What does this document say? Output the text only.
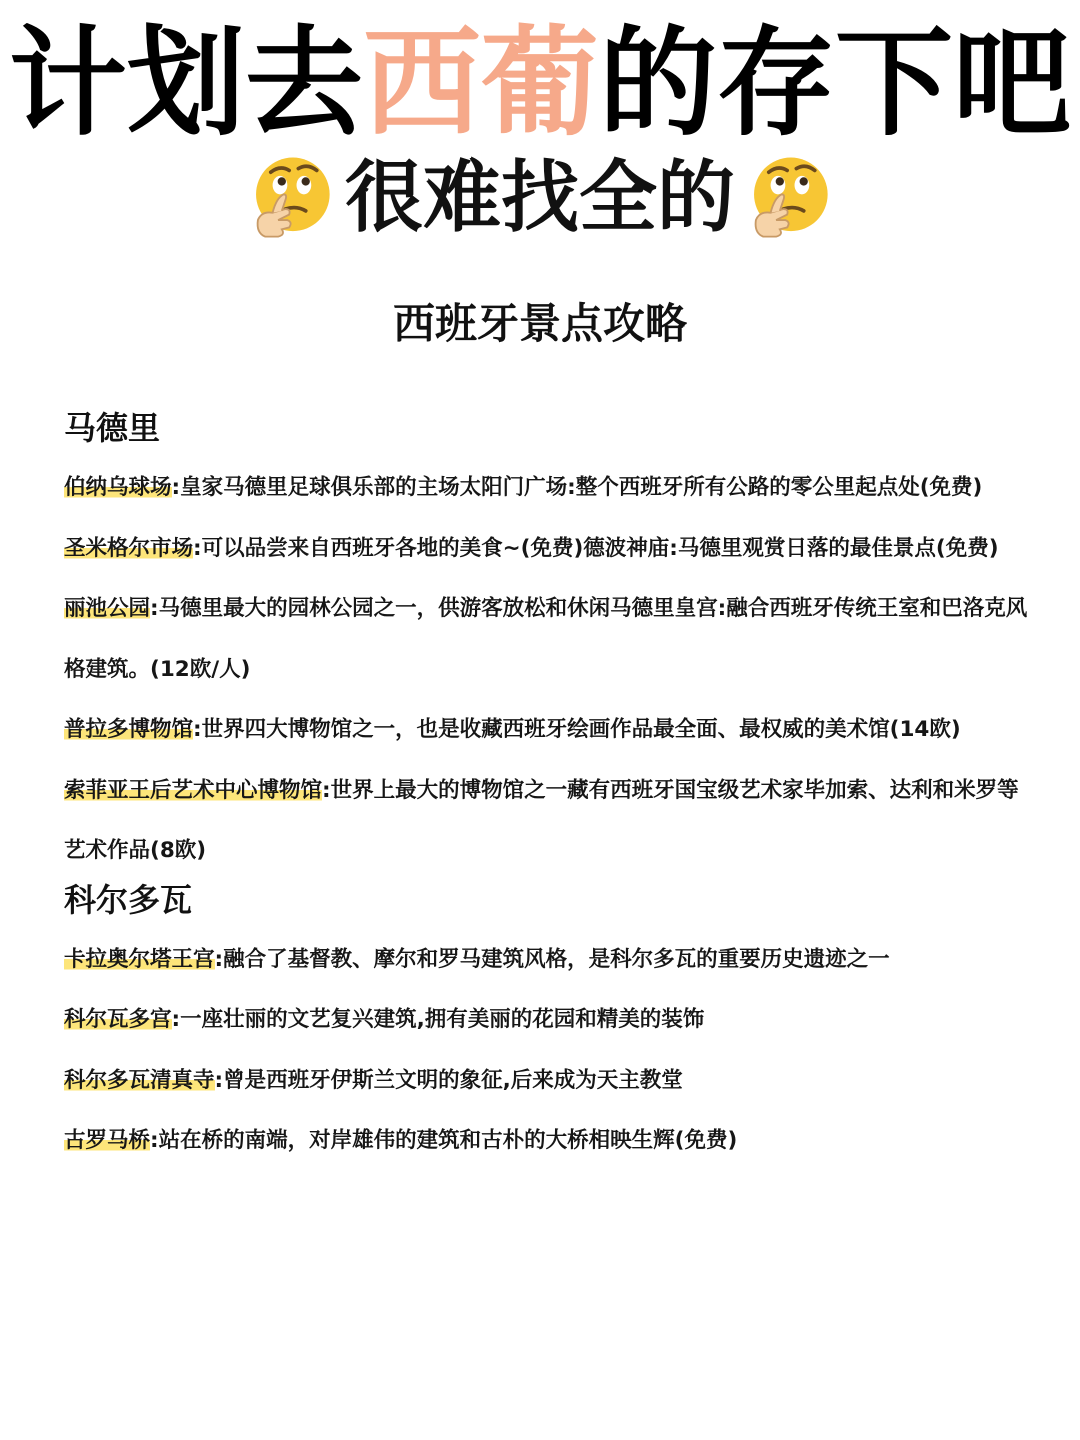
计划去西葡的存下吧
很难找全的
西班牙景点攻略
马德里

伯纳乌球场:皇家马德里足球俱乐部的主场太阳门广场:整个西班牙所有公路的零公里起点处(免费)

圣米格尔市场:可以品尝来自西班牙各地的美食~(免费)德波神庙:马德里观赏日落的最佳景点(免费)

丽池公园:马德里最大的园林公园之一，供游客放松和休闲马德里皇宫:融合西班牙传统王室和巴洛克风格建筑。(12欧/人)

普拉多博物馆:世界四大博物馆之一，也是收藏西班牙绘画作品最全面、最权威的美术馆(14欧)

索菲亚王后艺术中心博物馆:世界上最大的博物馆之一藏有西班牙国宝级艺术家毕加索、达利和米罗等艺术作品(8欧)

科尔多瓦

卡拉奥尔塔王宫:融合了基督教、摩尔和罗马建筑风格，是科尔多瓦的重要历史遗迹之一

科尔瓦多宫:一座壮丽的文艺复兴建筑,拥有美丽的花园和精美的装饰

科尔多瓦清真寺:曾是西班牙伊斯兰文明的象征,后来成为天主教堂

古罗马桥:站在桥的南端，对岸雄伟的建筑和古朴的大桥相映生辉(免费)
